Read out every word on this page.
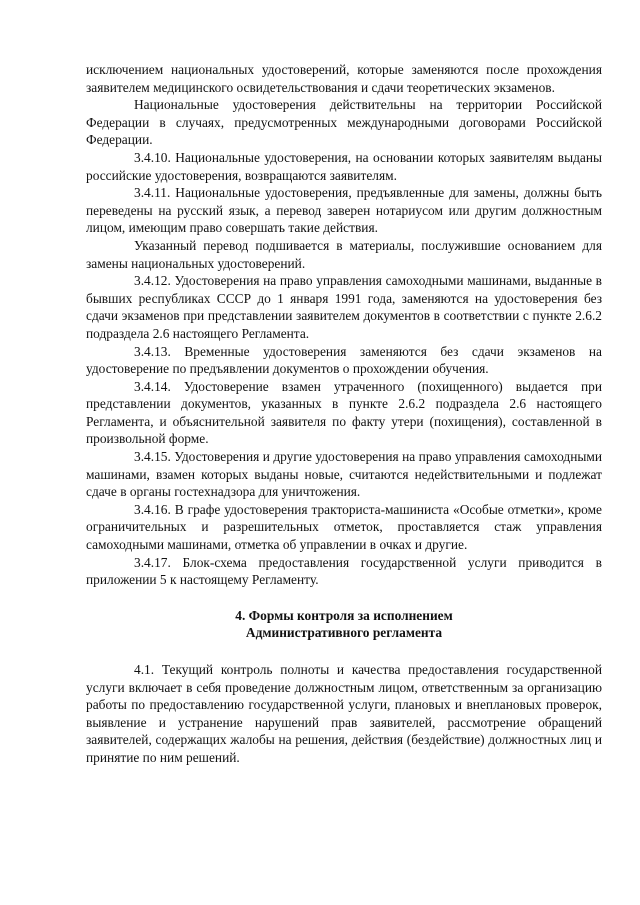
исключением национальных удостоверений, которые заменяются после прохождения заявителем медицинского освидетельствования и сдачи теоретических экзаменов.

Национальные удостоверения действительны на территории Российской Федерации в случаях, предусмотренных международными договорами Российской Федерации.

3.4.10. Национальные удостоверения, на основании которых заявителям выданы российские удостоверения, возвращаются заявителям.

3.4.11. Национальные удостоверения, предъявленные для замены, должны быть переведены на русский язык, а перевод заверен нотариусом или другим должностным лицом, имеющим право совершать такие действия.

Указанный перевод подшивается в материалы, послужившие основанием для замены национальных удостоверений.

3.4.12. Удостоверения на право управления самоходными машинами, выданные в бывших республиках СССР до 1 января 1991 года, заменяются на удостоверения без сдачи экзаменов при представлении заявителем документов в соответствии с пункте 2.6.2 подраздела 2.6 настоящего Регламента.

3.4.13. Временные удостоверения заменяются без сдачи экзаменов на удостоверение по предъявлении документов о прохождении обучения.

3.4.14. Удостоверение взамен утраченного (похищенного) выдается при представлении документов, указанных в пункте 2.6.2 подраздела 2.6 настоящего Регламента, и объяснительной заявителя по факту утери (похищения), составленной в произвольной форме.

3.4.15. Удостоверения и другие удостоверения на право управления самоходными машинами, взамен которых выданы новые, считаются недействительными и подлежат сдаче в органы гостехнадзора для уничтожения.

3.4.16. В графе удостоверения тракториста-машиниста «Особые отметки», кроме ограничительных и разрешительных отметок, проставляется стаж управления самоходными машинами, отметка об управлении в очках и другие.

3.4.17. Блок-схема предоставления государственной услуги приводится в приложении 5 к настоящему Регламенту.

4. Формы контроля за исполнением

Административного регламента

4.1. Текущий контроль полноты и качества предоставления государственной услуги включает в себя проведение должностным лицом, ответственным за организацию работы по предоставлению государственной услуги, плановых и внеплановых проверок, выявление и устранение нарушений прав заявителей, рассмотрение обращений заявителей, содержащих жалобы на решения, действия (бездействие) должностных лиц и принятие по ним решений.
